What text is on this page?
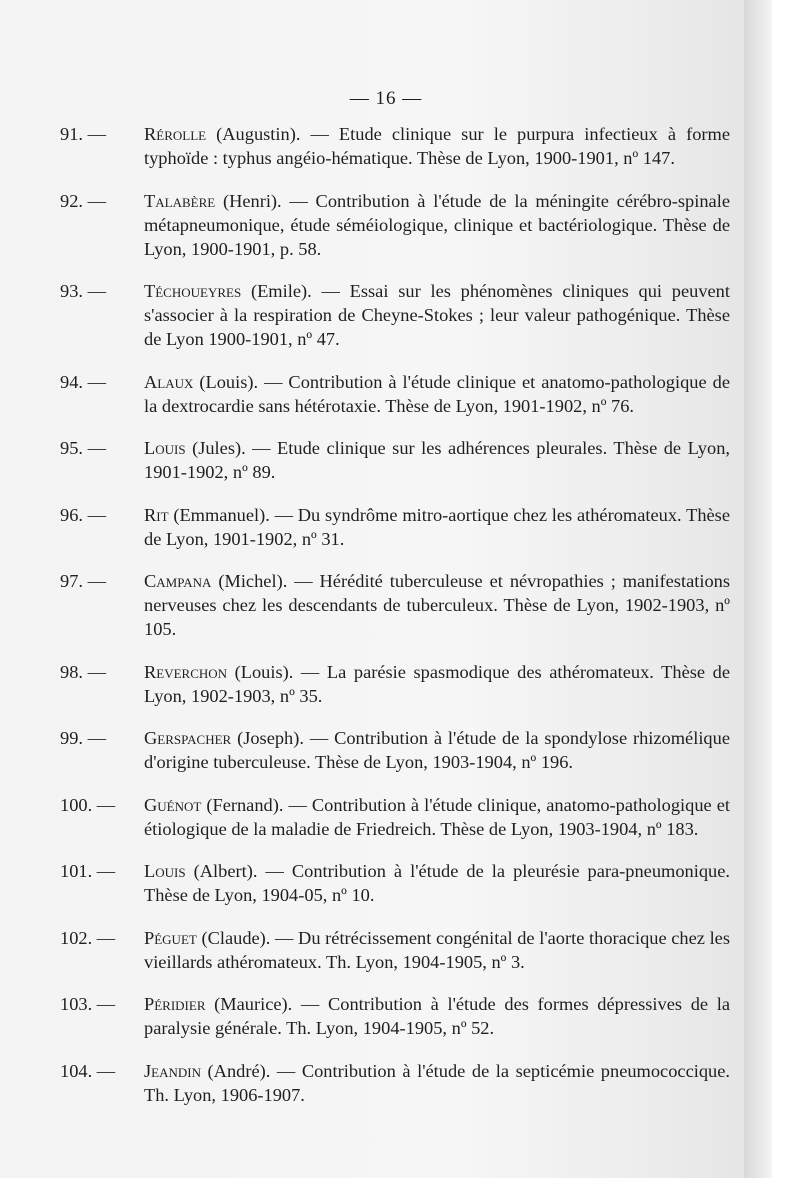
— 16 —
91. —	Rérolle (Augustin). — Etude clinique sur le purpura infectieux à forme typhoïde : typhus angéio-hématique. Thèse de Lyon, 1900-1901, nº 147.
92. —	Talabère (Henri). — Contribution à l'étude de la méningite cérébro-spinale métapneumonique, étude séméiologique, clinique et bactériologique. Thèse de Lyon, 1900-1901, p. 58.
93. —	Téchoueyres (Emile). — Essai sur les phénomènes cliniques qui peuvent s'associer à la respiration de Cheyne-Stokes ; leur valeur pathogénique. Thèse de Lyon 1900-1901, nº 47.
94. —	Alaux (Louis). — Contribution à l'étude clinique et anatomo-pathologique de la dextrocardie sans hétérotaxie. Thèse de Lyon, 1901-1902, nº 76.
95. —	Louis (Jules). — Etude clinique sur les adhérences pleurales. Thèse de Lyon, 1901-1902, nº 89.
96. —	Rit (Emmanuel). — Du syndrôme mitro-aortique chez les athéromateux. Thèse de Lyon, 1901-1902, nº 31.
97. —	Campana (Michel). — Hérédité tuberculeuse et névropathies ; manifestations nerveuses chez les descendants de tuberculeux. Thèse de Lyon, 1902-1903, nº 105.
98. —	Reverchon (Louis). — La parésie spasmodique des athéromateux. Thèse de Lyon, 1902-1903, nº 35.
99. —	Gerspacher (Joseph). — Contribution à l'étude de la spondylose rhizomélique d'origine tuberculeuse. Thèse de Lyon, 1903-1904, nº 196.
100. —	Guénot (Fernand). — Contribution à l'étude clinique, anatomo-pathologique et étiologique de la maladie de Friedreich. Thèse de Lyon, 1903-1904, nº 183.
101. —	Louis (Albert). — Contribution à l'étude de la pleurésie para-pneumonique. Thèse de Lyon, 1904-05, nº 10.
102. —	Péguet (Claude). — Du rétrécissement congénital de l'aorte thoracique chez les vieillards athéromateux. Th. Lyon, 1904-1905, nº 3.
103. —	Péridier (Maurice). — Contribution à l'étude des formes dépressives de la paralysie générale. Th. Lyon, 1904-1905, nº 52.
104. —	Jeandin (André). — Contribution à l'étude de la septicémie pneumococcique. Th. Lyon, 1906-1907.
